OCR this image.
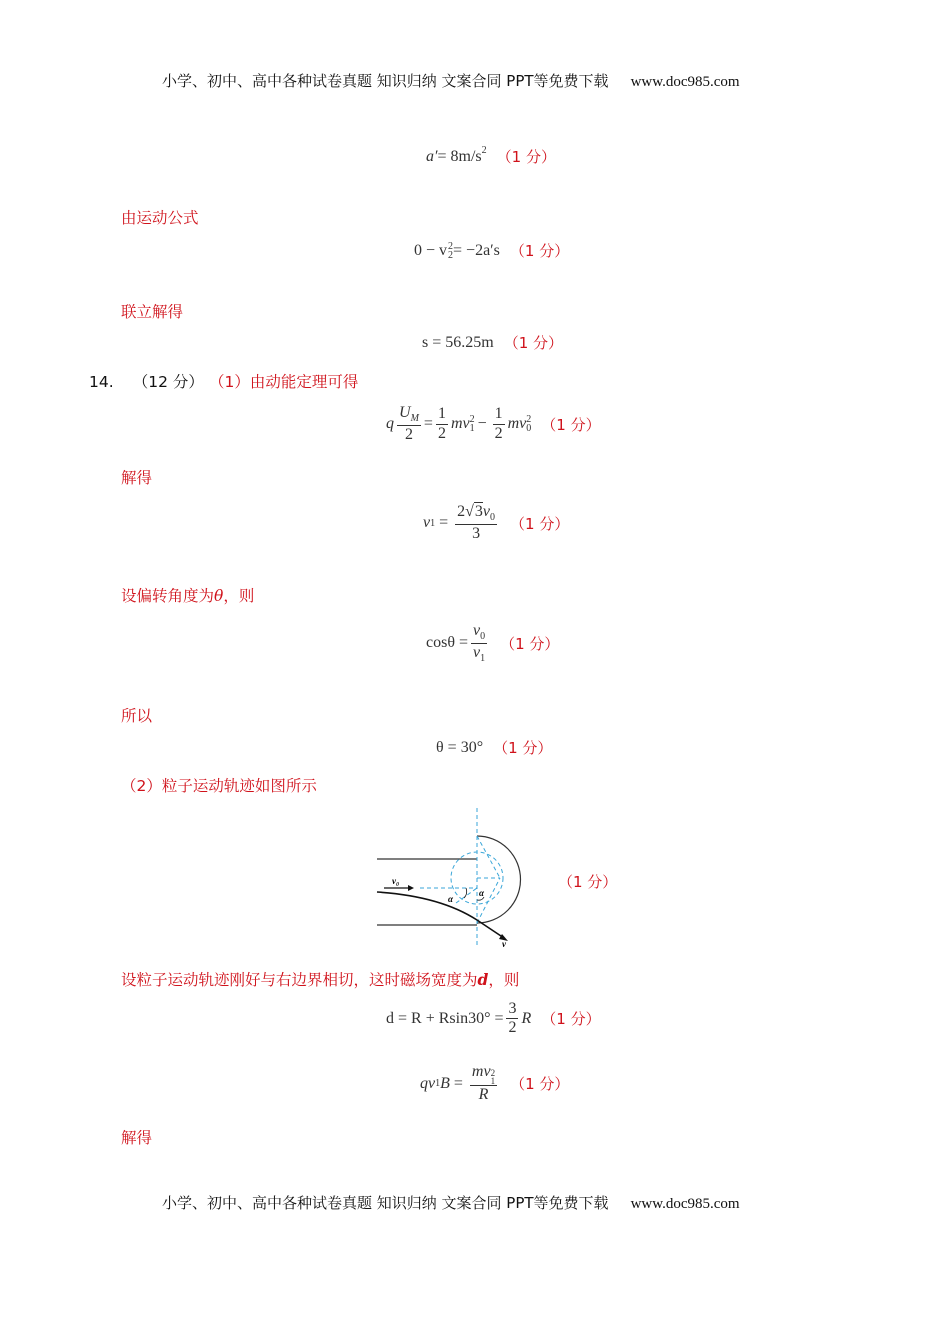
小学、初中、高中各种试卷真题 知识归纳 文案合同 PPT等免费下载 www.doc985.com
$a' = 8m/s^2$ （1 分）
由运动公式
0 − v 2
2 = −2a′s （1 分）
联立解得
s = 56.25m （1 分）
14. （12 分） （1）由动能定理可得
q $\frac{U_M}{2} = \frac{1}{2}$ mv 2
$1 - \frac{1}{2}$ mv 2
0 （1 分）
解得
v $1 = \frac{2√3v_0}{3} (1$ 分）
设偏转角度为θ，则
$\cos\theta = \frac{v_0}{v_1} (1$ 分）
所以
θ = 30° （1 分）
（2）粒子运动轨迹如图所示
v₀
v
α
α
（1 分）
设粒子运动轨迹刚好与右边界相切，这时磁场宽度为d，则
$d = R + Rsin30^\circ = \frac{3}{2}$ R （1 分）
qv 1 B = mv 2
1
R （1 分）
解得
小学、初中、高中各种试卷真题 知识归纳 文案合同 PPT等免费下载 www.doc985.com
